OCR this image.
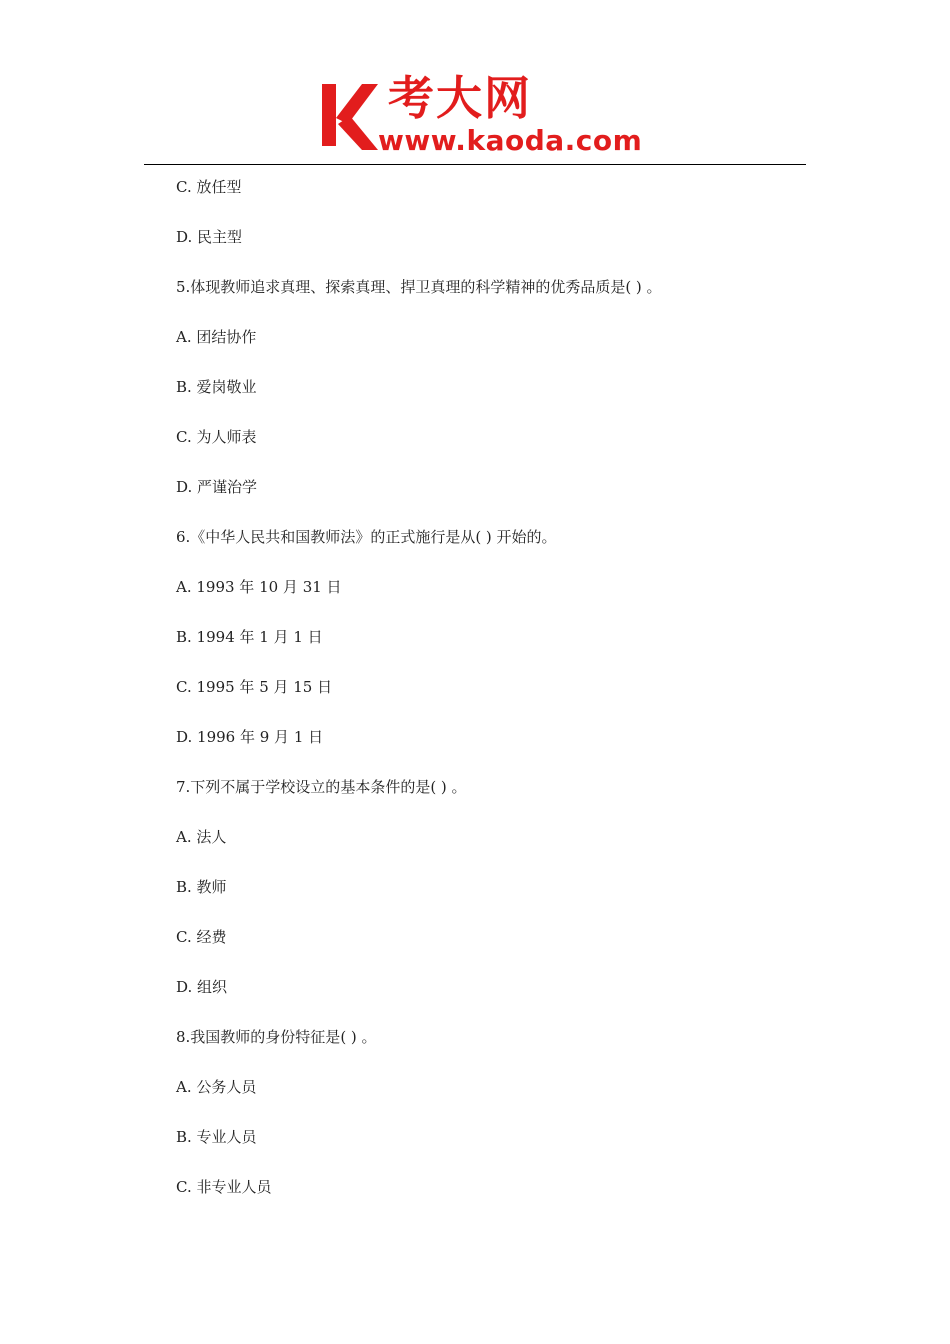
考大网
www.kaoda.com
C. 放任型
D. 民主型
5.体现教师追求真理、探索真理、捍卫真理的科学精神的优秀品质是( ) 。
A. 团结协作
B. 爱岗敬业
C. 为人师表
D. 严谨治学
6.《中华人民共和国教师法》的正式施行是从( ) 开始的。
A. 1993 年 10 月 31 日
B. 1994 年 1 月 1 日
C. 1995 年 5 月 15 日
D. 1996 年 9 月 1 日
7.下列不属于学校设立的基本条件的是( ) 。
A. 法人
B. 教师
C. 经费
D. 组织
8.我国教师的身份特征是( ) 。
A. 公务人员
B. 专业人员
C. 非专业人员
